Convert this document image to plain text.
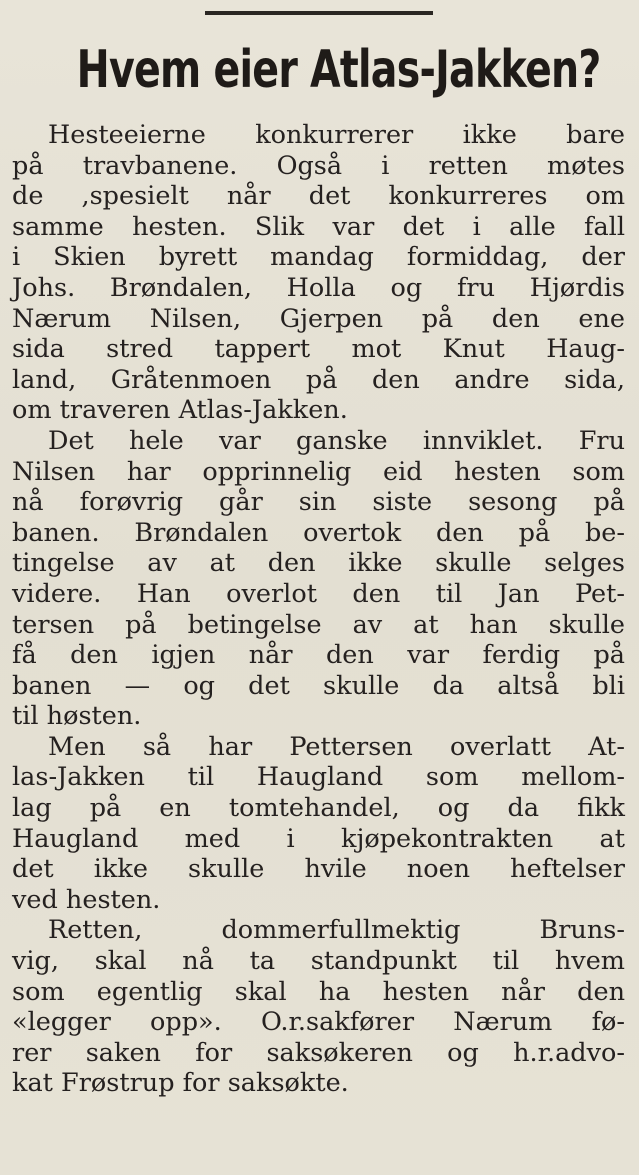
Hvem eier Atlas-Jakken?
Hesteeierne konkurrerer ikke bare
på travbanene. Også i retten møtes
de ,spesielt når det konkurreres om
samme hesten. Slik var det i alle fall
i Skien byrett mandag formiddag, der
Johs. Brøndalen, Holla og fru Hjørdis
Nærum Nilsen, Gjerpen på den ene
sida stred tappert mot Knut Haug-
land, Gråtenmoen på den andre sida,
om traveren Atlas-Jakken.
Det hele var ganske innviklet. Fru
Nilsen har opprinnelig eid hesten som
nå forøvrig går sin siste sesong på
banen. Brøndalen overtok den på be-
tingelse av at den ikke skulle selges
videre. Han overlot den til Jan Pet-
tersen på betingelse av at han skulle
få den igjen når den var ferdig på
banen — og det skulle da altså bli
til høsten.
Men så har Pettersen overlatt At-
las-Jakken til Haugland som mellom-
lag på en tomtehandel, og da fikk
Haugland med i kjøpekontrakten at
det ikke skulle hvile noen heftelser
ved hesten.
Retten, dommerfullmektig Bruns-
vig, skal nå ta standpunkt til hvem
som egentlig skal ha hesten når den
«legger opp». O.r.sakfører Nærum fø-
rer saken for saksøkeren og h.r.advo-
kat Frøstrup for saksøkte.
